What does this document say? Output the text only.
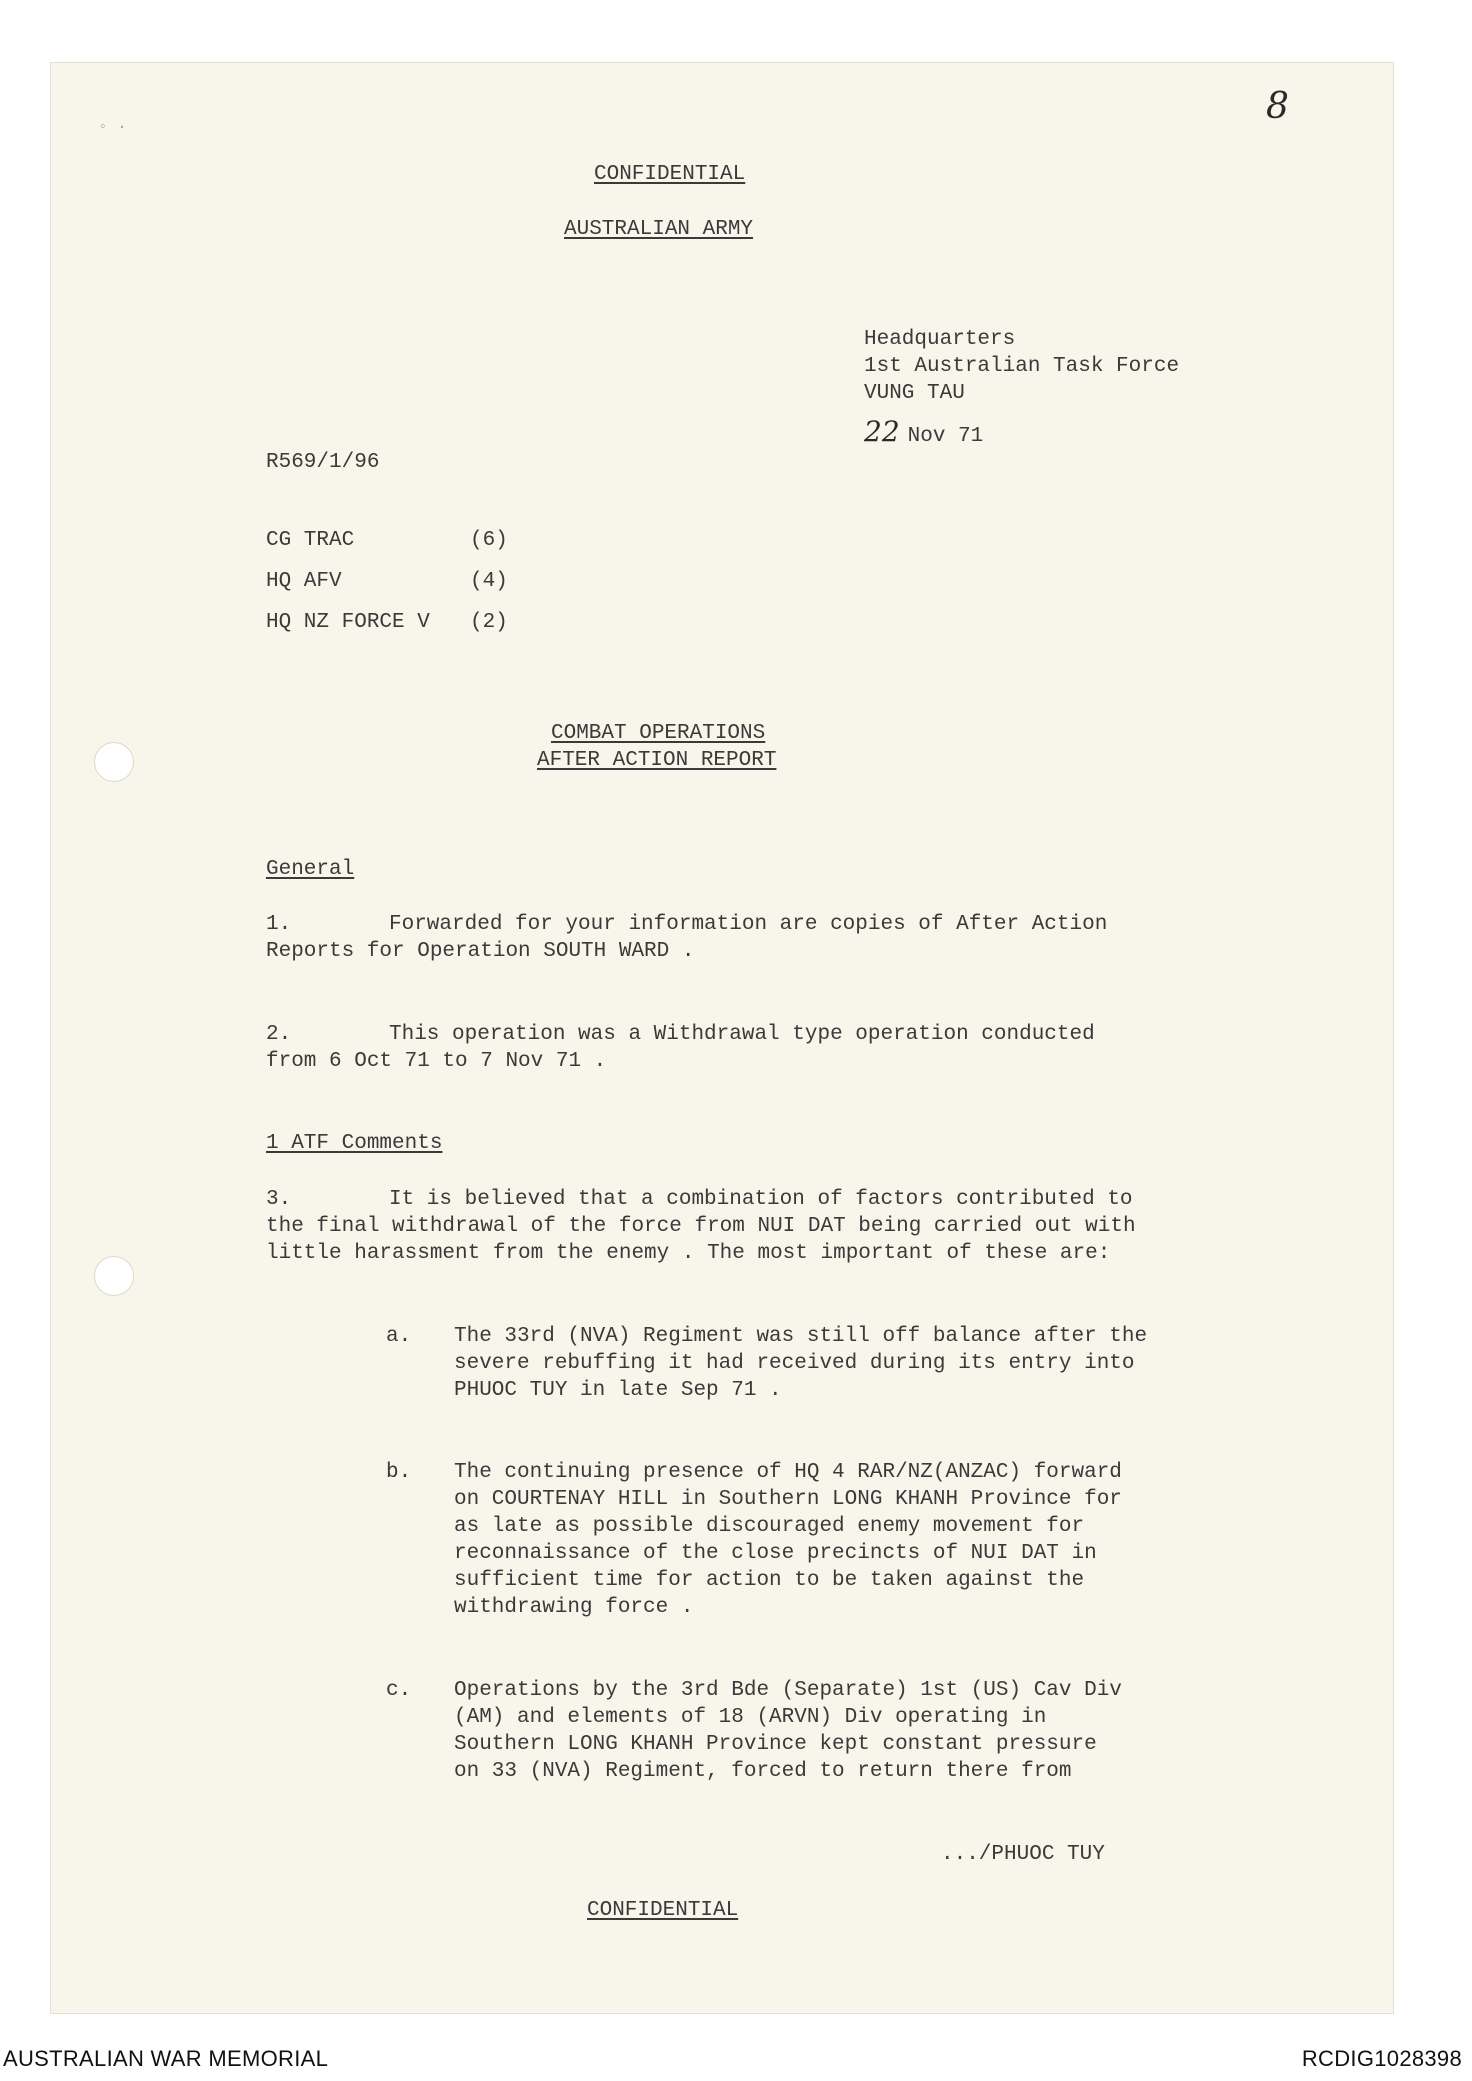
◦ ·	8
CONFIDENTIAL
AUSTRALIAN ARMY
Headquarters
1st Australian Task Force
VUNG TAU
22 Nov 71
R569/1/96
CG TRAC	(6)
HQ AFV	(4)
HQ NZ FORCE V	(2)
COMBAT OPERATIONS
AFTER ACTION REPORT
General
1.	Forwarded for your information are copies of After Action
Reports for Operation SOUTH WARD .
2.	This operation was a Withdrawal type operation conducted
from 6 Oct 71 to 7 Nov 71 .
1 ATF Comments
3.	It is believed that a combination of factors contributed to
the final withdrawal of the force from NUI DAT being carried out with
little harassment from the enemy . The most important of these are:
a. The 33rd (NVA) Regiment was still off balance after the
severe rebuffing it had received during its entry into
PHUOC TUY in late Sep 71 .
b. The continuing presence of HQ 4 RAR/NZ(ANZAC) forward
on COURTENAY HILL in Southern LONG KHANH Province for
as late as possible discouraged enemy movement for
reconnaissance of the close precincts of NUI DAT in
sufficient time for action to be taken against the
withdrawing force .
c. Operations by the 3rd Bde (Separate) 1st (US) Cav Div
(AM) and elements of 18 (ARVN) Div operating in
Southern LONG KHANH Province kept constant pressure
on 33 (NVA) Regiment, forced to return there from
.../PHUOC TUY
CONFIDENTIAL
AUSTRALIAN WAR MEMORIAL	RCDIG1028398
